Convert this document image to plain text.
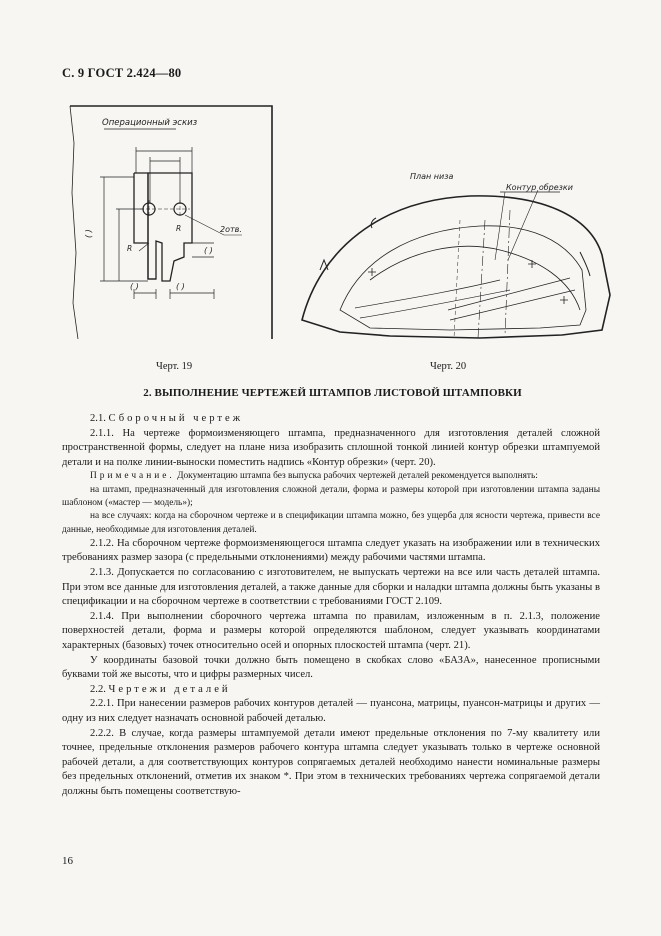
С. 9 ГОСТ 2.424—80
Операционный эскиз
2отв.
R
R	( )
( )	( )
( )
План низа
Контур обрезки
Черт. 19	Черт. 20
2. ВЫПОЛНЕНИЕ ЧЕРТЕЖЕЙ ШТАМПОВ ЛИСТОВОЙ ШТАМПОВКИ

2.1. Сборочный чертеж

2.1.1. На чертеже формоизменяющего штампа, предназначенного для изготовления деталей сложной пространственной формы, следует на плане низа изобразить сплошной тонкой линией контур обрезки штампуемой детали и на полке линии-выноски поместить надпись «Контур обрезки» (черт. 20).

Примечание. Документацию штампа без выпуска рабочих чертежей деталей рекомендуется выполнять:

на штамп, предназначенный для изготовления сложной детали, форма и размеры которой при изготовлении штампа заданы шаблоном («мастер — модель»);

на все случаях: когда на сборочном чертеже и в спецификации штампа можно, без ущерба для ясности чертежа, привести все данные, необходимые для изготовления деталей.

2.1.2. На сборочном чертеже формоизменяющегося штампа следует указать на изображении или в технических требованиях размер зазора (с предельными отклонениями) между рабочими частями штампа.

2.1.3. Допускается по согласованию с изготовителем, не выпускать чертежи на все или часть деталей штампа. При этом все данные для изготовления деталей, а также данные для сборки и наладки штампа должны быть указаны в спецификации и на сборочном чертеже в соответствии с требованиями ГОСТ 2.109.

2.1.4. При выполнении сборочного чертежа штампа по правилам, изложенным в п. 2.1.3, положение поверхностей детали, форма и размеры которой определяются шаблоном, следует указывать координатами характерных (базовых) точек относительно осей и опорных плоскостей штампа (черт. 21).

У координаты базовой точки должно быть помещено в скобках слово «БАЗА», нанесенное прописными буквами той же высоты, что и цифры размерных чисел.

2.2. Чертежи деталей

2.2.1. При нанесении размеров рабочих контуров деталей — пуансона, матрицы, пуансон-матрицы и других — одну из них следует назначать основной рабочей деталью.

2.2.2. В случае, когда размеры штампуемой детали имеют предельные отклонения по 7-му квалитету или точнее, предельные отклонения размеров рабочего контура штампа следует указывать только в чертеже основной рабочей детали, а для соответствующих контуров сопрягаемых деталей необходимо нанести номинальные размеры без предельных отклонений, отметив их знаком *. При этом в технических требованиях чертежа сопрягаемой детали должны быть помещены соответствую-

16
